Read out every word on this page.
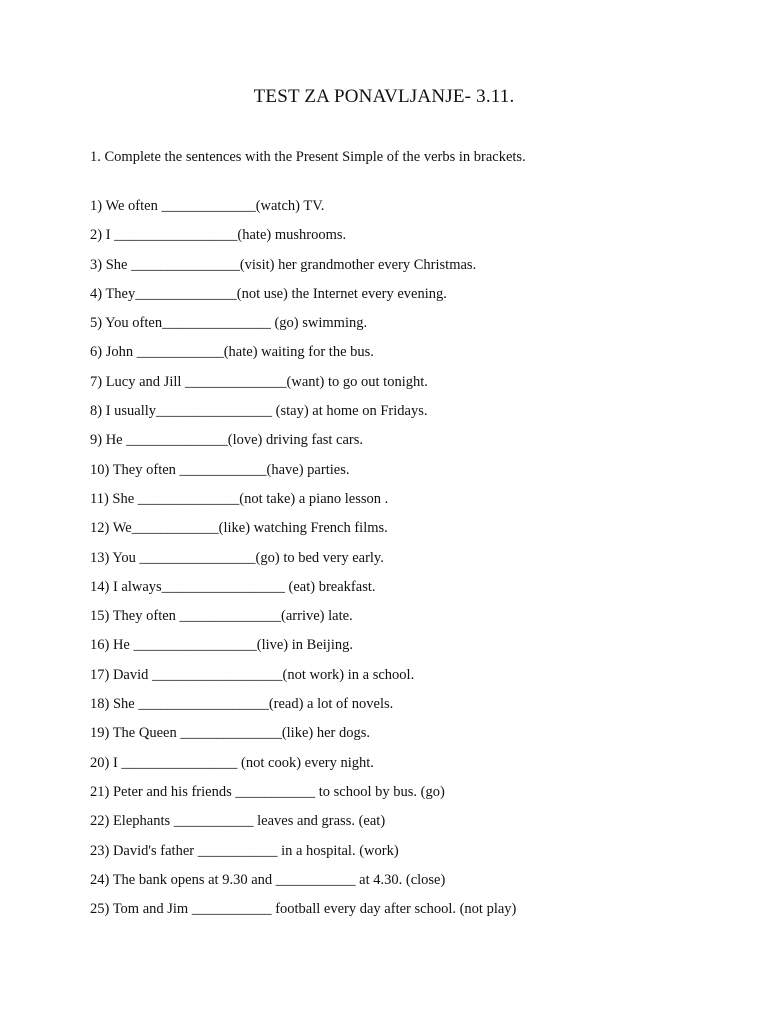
TEST ZA PONAVLJANJE- 3.11.
1. Complete the sentences with the Present Simple of the verbs in brackets.
1) We often _____________(watch) TV.
2) I _________________(hate) mushrooms.
3) She _______________(visit) her grandmother every Christmas.
4) They______________(not use) the Internet every evening.
5) You often_______________ (go) swimming.
6) John ____________(hate) waiting for the bus.
7) Lucy and Jill ______________(want) to go out tonight.
8) I usually________________ (stay) at home on Fridays.
9) He ______________(love) driving fast cars.
10) They often ____________(have) parties.
11) She ______________(not take) a piano lesson .
12) We____________(like) watching French films.
13) You ________________(go) to bed very early.
14) I always_________________ (eat) breakfast.
15) They often ______________(arrive) late.
16) He _________________(live) in Beijing.
17) David __________________(not work) in a school.
18) She __________________(read) a lot of novels.
19) The Queen ______________(like) her dogs.
20) I ________________ (not cook) every night.
21) Peter and his friends ___________ to school by bus. (go)
22) Elephants ___________ leaves and grass. (eat)
23) David's father ___________ in a hospital. (work)
24) The bank opens at 9.30 and ___________ at 4.30. (close)
25) Tom and Jim ___________ football every day after school. (not play)
